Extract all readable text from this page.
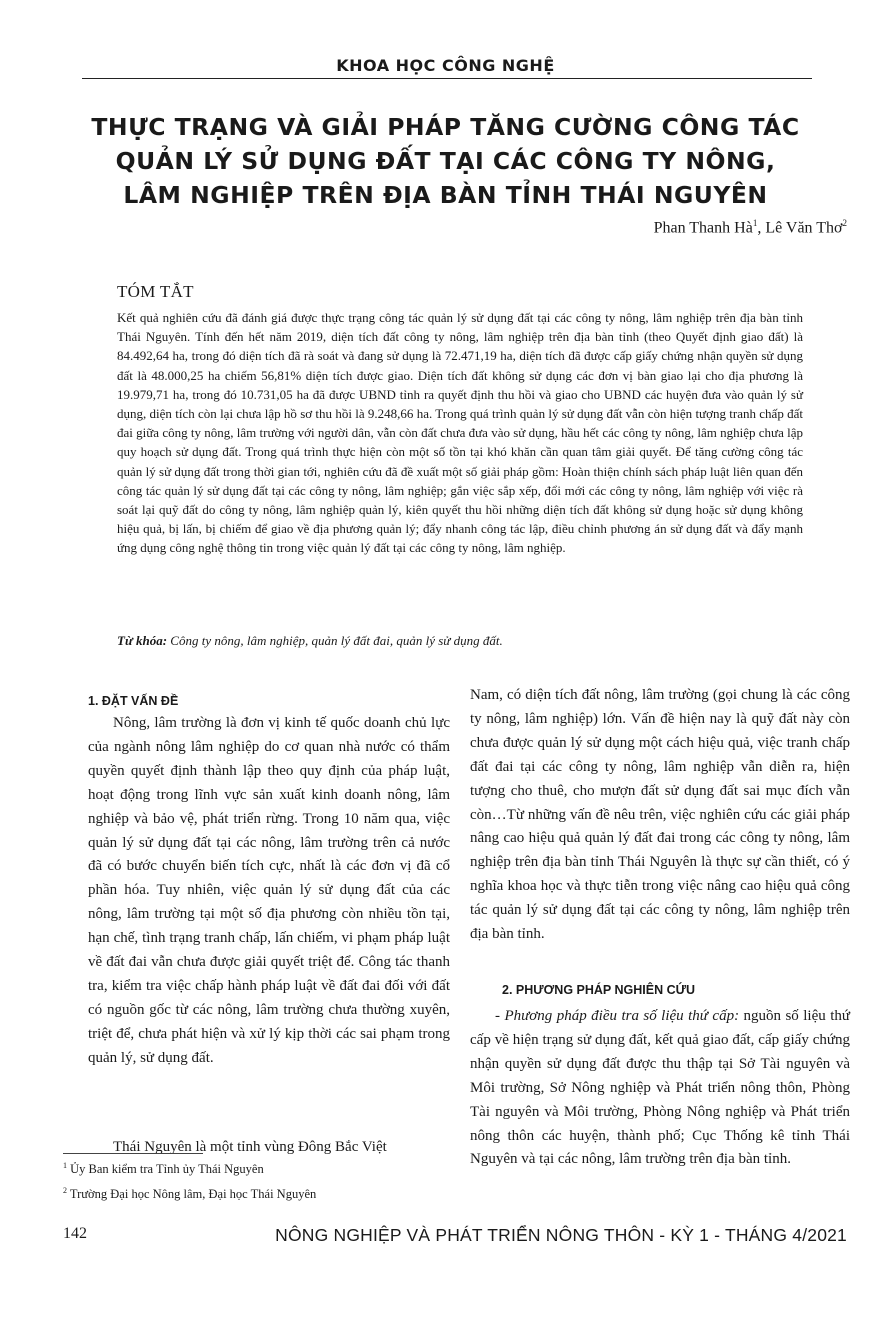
KHOA HỌC CÔNG NGHỆ
THỰC TRẠNG VÀ GIẢI PHÁP TĂNG CƯỜNG CÔNG TÁC
QUẢN LÝ SỬ DỤNG ĐẤT TẠI CÁC CÔNG TY NÔNG,
LÂM NGHIỆP TRÊN ĐỊA BÀN TỈNH THÁI NGUYÊN
Phan Thanh $Hà^1$, Lê Văn Thơ$^2$
TÓM TẮT
Kết quả nghiên cứu đã đánh giá được thực trạng công tác quản lý sử dụng đất tại các công ty nông, lâm nghiệp trên địa bàn tỉnh Thái Nguyên. Tính đến hết năm 2019, diện tích đất công ty nông, lâm nghiệp trên địa bàn tỉnh (theo Quyết định giao đất) là 84.492,64 ha, trong đó diện tích đã rà soát và đang sử dụng là 72.471,19 ha, diện tích đã được cấp giấy chứng nhận quyền sử dụng đất là 48.000,25 ha chiếm 56,81% diện tích được giao. Diện tích đất không sử dụng các đơn vị bàn giao lại cho địa phương là 19.979,71 ha, trong đó 10.731,05 ha đã được UBND tỉnh ra quyết định thu hồi và giao cho UBND các huyện đưa vào quản lý sử dụng, diện tích còn lại chưa lập hồ sơ thu hồi là 9.248,66 ha. Trong quá trình quản lý sử dụng đất vẫn còn hiện tượng tranh chấp đất đai giữa công ty nông, lâm trường với người dân, vẫn còn đất chưa đưa vào sử dụng, hầu hết các công ty nông, lâm nghiệp chưa lập quy hoạch sử dụng đất. Trong quá trình thực hiện còn một số tồn tại khó khăn cần quan tâm giải quyết. Để tăng cường công tác quản lý sử dụng đất trong thời gian tới, nghiên cứu đã đề xuất một số giải pháp gồm: Hoàn thiện chính sách pháp luật liên quan đến công tác quản lý sử dụng đất tại các công ty nông, lâm nghiệp; gắn việc sắp xếp, đổi mới các công ty nông, lâm nghiệp với việc rà soát lại quỹ đất do công ty nông, lâm nghiệp quản lý, kiên quyết thu hồi những diện tích đất không sử dụng hoặc sử dụng không hiệu quả, bị lấn, bị chiếm để giao về địa phương quản lý; đẩy nhanh công tác lập, điều chỉnh phương án sử dụng đất và đẩy mạnh ứng dụng công nghệ thông tin trong việc quản lý đất tại các công ty nông, lâm nghiệp.
Từ khóa: Công ty nông, lâm nghiệp, quản lý đất đai, quản lý sử dụng đất.
1. ĐẶT VẤN ĐỀ

Nông, lâm trường là đơn vị kinh tế quốc doanh chủ lực của ngành nông lâm nghiệp do cơ quan nhà nước có thẩm quyền quyết định thành lập theo quy định của pháp luật, hoạt động trong lĩnh vực sản xuất kinh doanh nông, lâm nghiệp và bảo vệ, phát triển rừng. Trong 10 năm qua, việc quản lý sử dụng đất tại các nông, lâm trường trên cả nước đã có bước chuyển biến tích cực, nhất là các đơn vị đã cổ phần hóa. Tuy nhiên, việc quản lý sử dụng đất của các nông, lâm trường tại một số địa phương còn nhiều tồn tại, hạn chế, tình trạng tranh chấp, lấn chiếm, vi phạm pháp luật về đất đai vẫn chưa được giải quyết triệt để. Công tác thanh tra, kiểm tra việc chấp hành pháp luật về đất đai đối với đất có nguồn gốc từ các nông, lâm trường chưa thường xuyên, triệt để, chưa phát hiện và xử lý kịp thời các sai phạm trong quản lý, sử dụng đất.

Thái Nguyên là một tỉnh vùng Đông Bắc Việt

Nam, có diện tích đất nông, lâm trường (gọi chung là các công ty nông, lâm nghiệp) lớn. Vấn đề hiện nay là quỹ đất này còn chưa được quản lý sử dụng một cách hiệu quả, việc tranh chấp đất đai tại các công ty nông, lâm nghiệp vẫn diễn ra, hiện tượng cho thuê, cho mượn đất sử dụng đất sai mục đích vẫn còn…Từ những vấn đề nêu trên, việc nghiên cứu các giải pháp nâng cao hiệu quả quản lý đất đai trong các công ty nông, lâm nghiệp trên địa bàn tỉnh Thái Nguyên là thực sự cần thiết, có ý nghĩa khoa học và thực tiễn trong việc nâng cao hiệu quả công tác quản lý sử dụng đất tại các công ty nông, lâm nghiệp trên địa bàn tỉnh.

2. PHƯƠNG PHÁP NGHIÊN CỨU

- Phương pháp điều tra số liệu thứ cấp: nguồn số liệu thứ cấp về hiện trạng sử dụng đất, kết quả giao đất, cấp giấy chứng nhận quyền sử dụng đất được thu thập tại Sở Tài nguyên và Môi trường, Sở Nông nghiệp và Phát triển nông thôn, Phòng Tài nguyên và Môi trường, Phòng Nông nghiệp và Phát triển nông thôn các huyện, thành phố; Cục Thống kê tỉnh Thái Nguyên và tại các nông, lâm trường trên địa bàn tỉnh.

$^1$ Ủy Ban kiểm tra Tỉnh ủy Thái Nguyên
$^2$ Trường Đại học Nông lâm, Đại học Thái Nguyên
142	NÔNG NGHIỆP VÀ PHÁT TRIỂN NÔNG THÔN - KỲ 1 - THÁNG 4/2021
